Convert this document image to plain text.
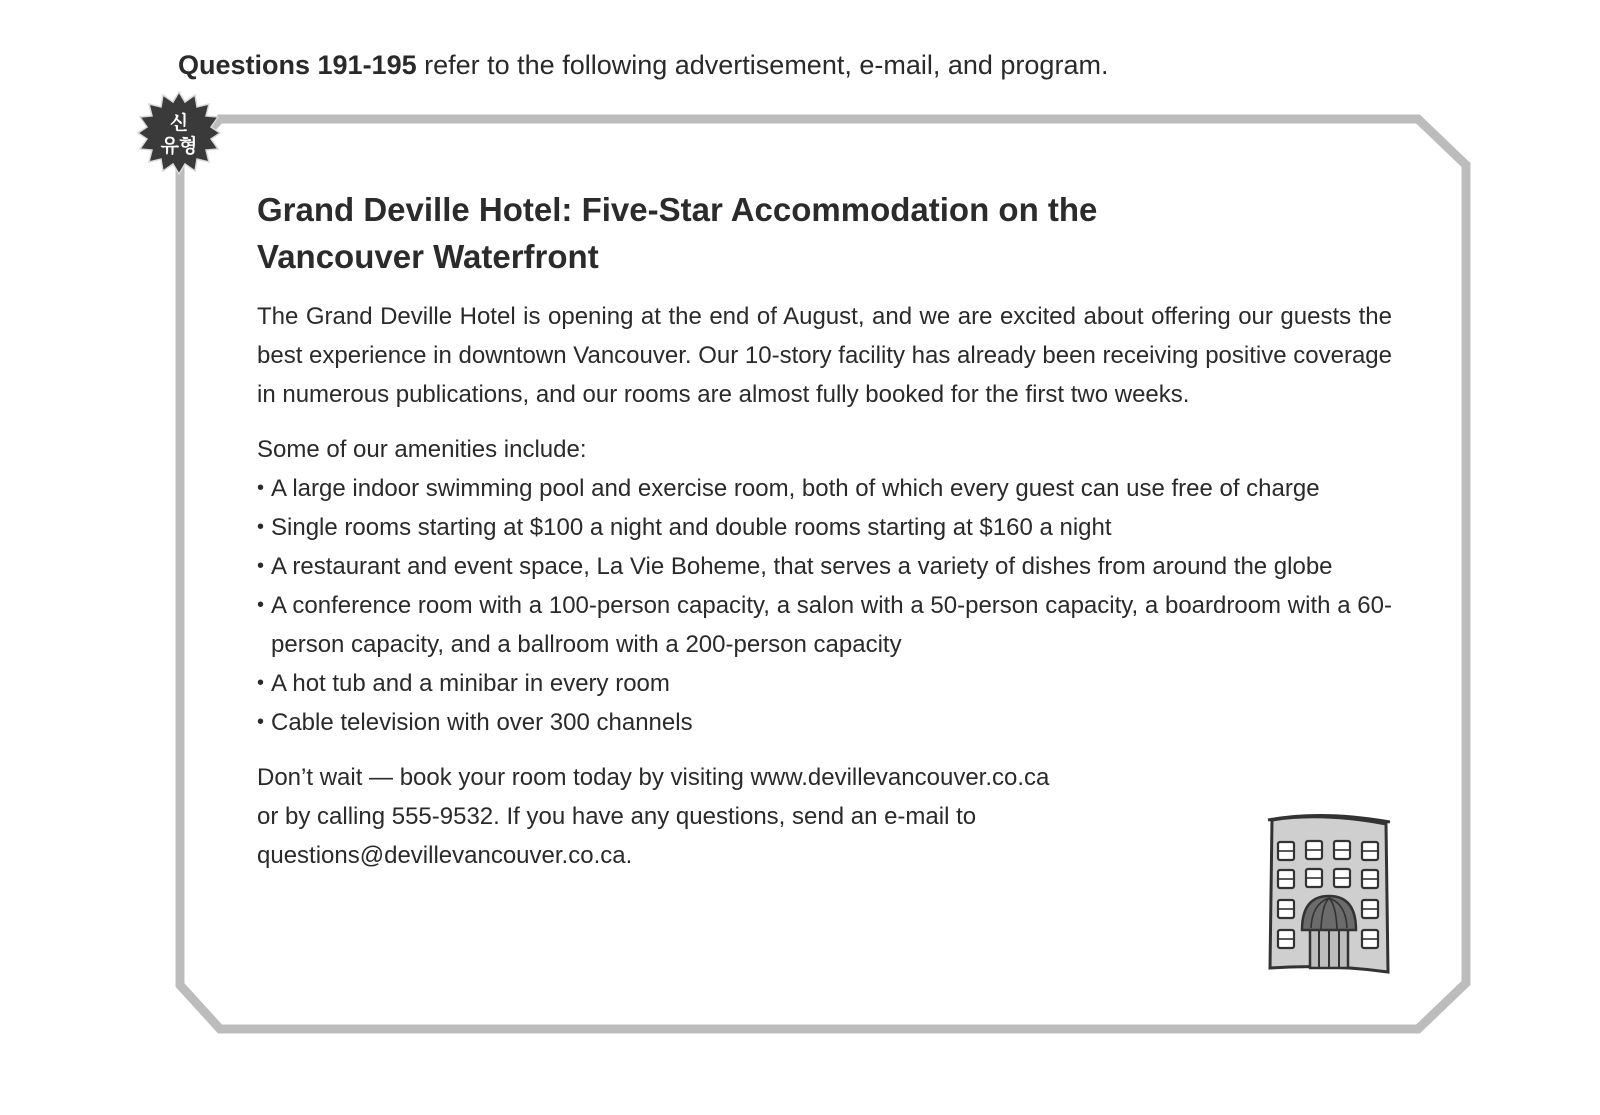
Questions 191-195 refer to the following advertisement, e-mail, and program.
신
유형
Grand Deville Hotel: Five-Star Accommodation on the
Vancouver Waterfront

The Grand Deville Hotel is opening at the end of August, and we are excited about offering our guests the best experience in downtown Vancouver. Our 10-story facility has already been receiving positive coverage in numerous publications, and our rooms are almost fully booked for the first two weeks.

Some of our amenities include:

• A large indoor swimming pool and exercise room, both of which every guest can use free of charge
• Single rooms starting at $100 a night and double rooms starting at $160 a night
• A restaurant and event space, La Vie Boheme, that serves a variety of dishes from around the globe
• A conference room with a 100-person capacity, a salon with a 50-person capacity, a boardroom with a 60-person capacity, and a ballroom with a 200-person capacity
• A hot tub and a minibar in every room
• Cable television with over 300 channels
Don’t wait — book your room today by visiting www.devillevancouver.co.ca
or by calling 555-9532. If you have any questions, send an e-mail to
questions@devillevancouver.co.ca.
